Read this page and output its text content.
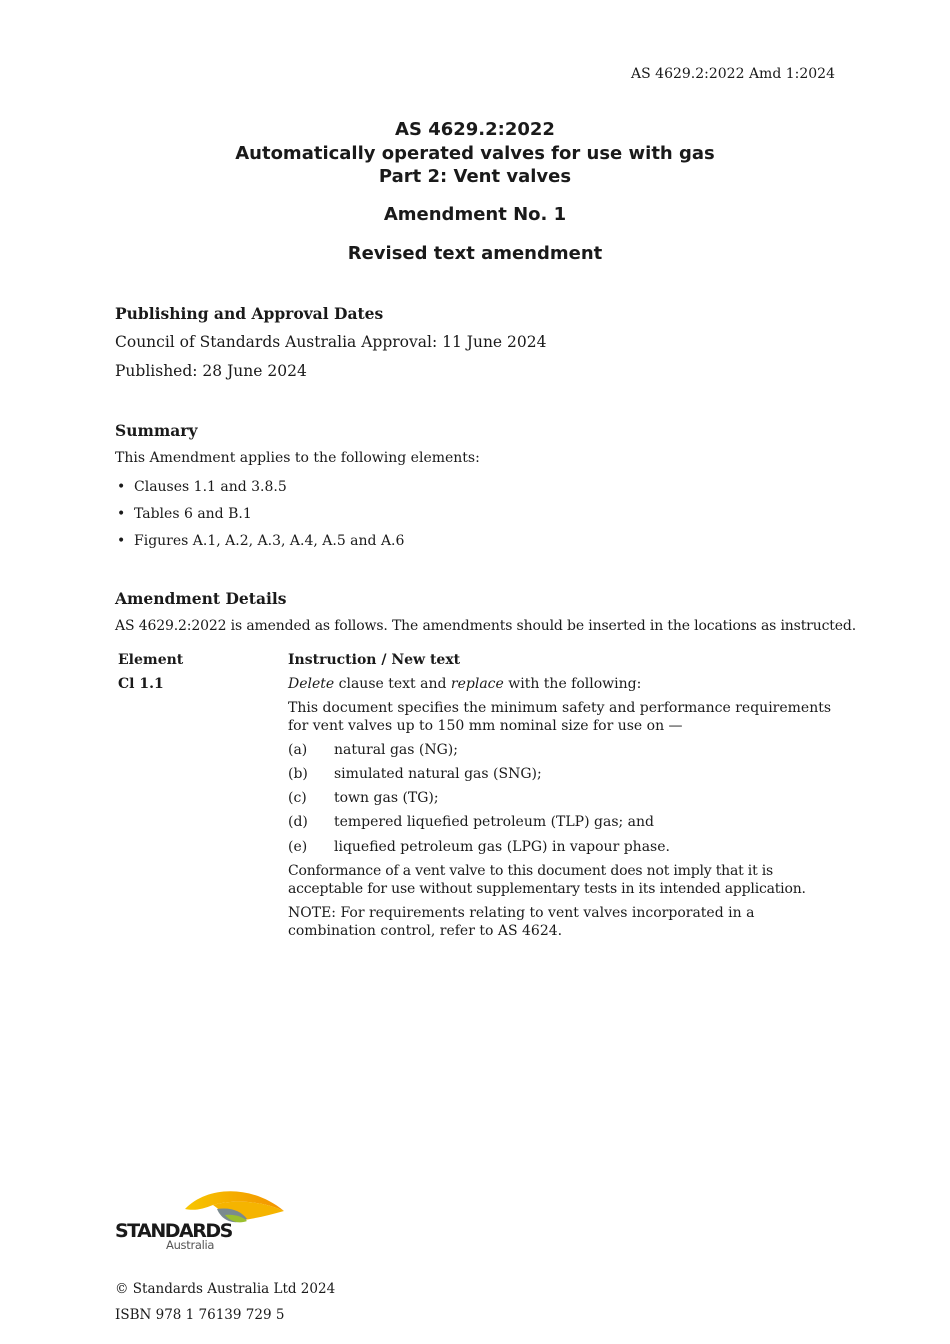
AS 4629.2:2022 Amd 1:2024
AS 4629.2:2022
Automatically operated valves for use with gas
Part 2: Vent valves
Amendment No. 1
Revised text amendment
Publishing and Approval Dates
Council of Standards Australia Approval: 11 June 2024
Published: 28 June 2024
Summary
This Amendment applies to the following elements:
• Clauses 1.1 and 3.8.5
• Tables 6 and B.1
• Figures A.1, A.2, A.3, A.4, A.5 and A.6
Amendment Details
AS 4629.2:2022 is amended as follows. The amendments should be inserted in the locations as instructed.
Element	Instruction / New text
Cl 1.1	Delete clause text and replace with the following:
This document specifies the minimum safety and performance requirements for vent valves up to 150 mm nominal size for use on —
(a) natural gas (NG);
(b) simulated natural gas (SNG);
(c) town gas (TG);
(d) tempered liquefied petroleum (TLP) gas; and
(e) liquefied petroleum gas (LPG) in vapour phase.
Conformance of a vent valve to this document does not imply that it is acceptable for use without supplementary tests in its intended application.
NOTE: For requirements relating to vent valves incorporated in a combination control, refer to AS 4624.
STANDARDS
Australia
© Standards Australia Ltd 2024
ISBN 978 1 76139 729 5
